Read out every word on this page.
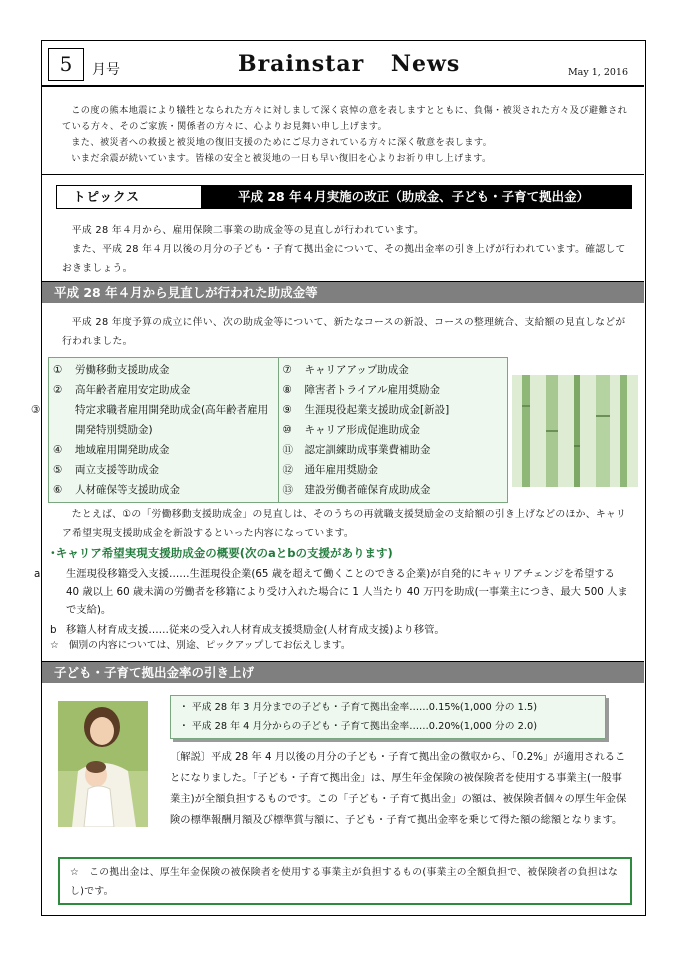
5	月号	Brainstar News	May 1, 2016

この度の熊本地震により犠牲となられた方々に対しまして深く哀悼の意を表しますとともに、負傷・被災された方々及び避難されている方々、そのご家族・関係者の方々に、心よりお見舞い申し上げます。

また、被災者への救援と被災地の復旧支援のためにご尽力されている方々に深く敬意を表します。

いまだ余震が続いています。皆様の安全と被災地の一日も早い復旧を心よりお祈り申し上げます。

トピックス	平成 28 年４月実施の改正（助成金、子ども・子育て拠出金）

平成 28 年４月から、雇用保険二事業の助成金等の見直しが行われています。

また、平成 28 年４月以後の月分の子ども・子育て拠出金について、その拠出金率の引き上げが行われています。確認しておきましょう。

平成 28 年４月から見直しが行われた助成金等
平成 28 年度予算の成立に伴い、次の助成金等について、新たなコースの新設、コースの整理統合、支給額の見直しなどが行われました。
① 労働移動支援助成金
② 高年齢者雇用安定助成金
③	特定求職者雇用開発助成金(高年齢者雇用開発特別奨励金)
④ 地域雇用開発助成金
⑤ 両立支援等助成金
⑥ 人材確保等支援助成金

⑦ キャリアアップ助成金
⑧ 障害者トライアル雇用奨励金
⑨ 生涯現役起業支援助成金[新設]
⑩ キャリア形成促進助成金
⑪ 認定訓練助成事業費補助金
⑫ 通年雇用奨励金
⑬ 建設労働者確保育成助成金
たとえば、①の「労働移動支援助成金」の見直しは、そのうちの再就職支援奨励金の支給額の引き上げなどのほか、キャリア希望実現支援助成金を新設するといった内容になっています。
･キャリア希望実現支援助成金の概要(次のaとbの支援があります)
a 生涯現役移籍受入支援……生涯現役企業(65 歳を超えて働くことのできる企業)が自発的にキャリアチェンジを希望する 40 歳以上 60 歳未満の労働者を移籍により受け入れた場合に 1 人当たり 40 万円を助成(一事業主につき、最大 500 人まで支給)。
b 移籍人材育成支援……従来の受入れ人材育成支援奨励金(人材育成支援)より移管。
☆　個別の内容については、別途、ピックアップしてお伝えします。
子ども・子育て拠出金率の引き上げ
・ 平成 28 年 3 月分までの子ども・子育て拠出金率……0.15%(1,000 分の 1.5)
・ 平成 28 年 4 月分からの子ども・子育て拠出金率……0.20%(1,000 分の 2.0)
〔解説〕平成 28 年 4 月以後の月分の子ども・子育て拠出金の徴収から、「0.2%」が適用されることになりました。「子ども・子育て拠出金」は、厚生年金保険の被保険者を使用する事業主(一般事業主)が全額負担するものです。この「子ども・子育て拠出金」の額は、被保険者個々の厚生年金保険の標準報酬月額及び標準賞与額に、子ども・子育て拠出金率を乗じて得た額の総額となります。
☆　この拠出金は、厚生年金保険の被保険者を使用する事業主が負担するもの(事業主の全額負担で、被保険者の負担はなし)です。
